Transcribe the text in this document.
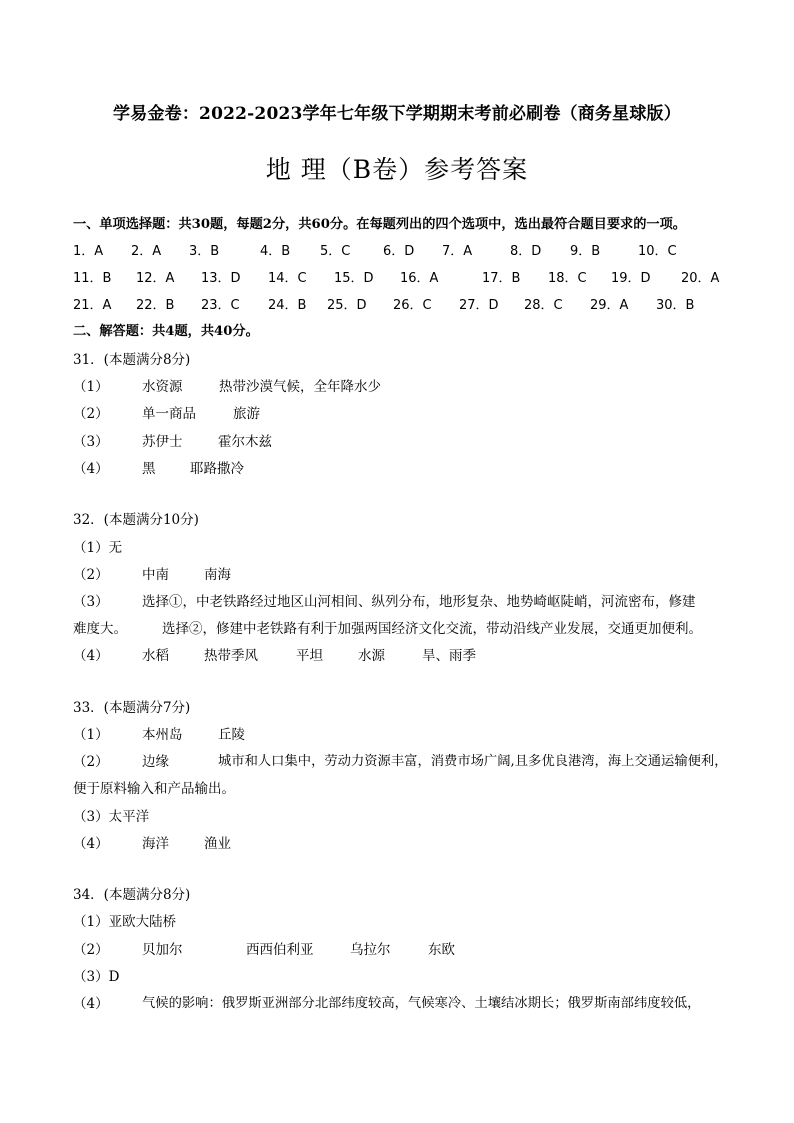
学易金卷：2022-2023学年七年级下学期期末考前必刷卷（商务星球版）
地 理（B卷）参考答案
一、单项选择题：共30题，每题2分，共60分。在每题列出的四个选项中，选出最符合题目要求的一项。
1．A 2．A 3．B	4．B 5．C	6．D 7．A	8．D 9．B	10．C
11．B 12．A 13．D 14．C 15．D 16．A	17．B 18．C 19．D 20．A
21．A 22．B 23．C 24．B 25．D 26．C 27．D 28．C 29．A 30．B
二、解答题：共4题，共40分。
31．(本题满分8分)
（1） 水资源	热带沙漠气候，全年降水少
（2） 单一商品	旅游
（3） 苏伊士	霍尔木兹
（4） 黑	耶路撒冷
32．(本题满分10分)
（1）无
（2） 中南	南海
（3） 选择①，中老铁路经过地区山河相间、纵列分布，地形复杂、地势崎岖陡峭，河流密布，修建
难度大。	选择②，修建中老铁路有利于加强两国经济文化交流，带动沿线产业发展，交通更加便利。
（4） 水稻	热带季风	平坦	水源	旱、雨季
33．(本题满分7分)
（1） 本州岛	丘陵
（2） 边缘	城市和人口集中，劳动力资源丰富，消费市场广阔,且多优良港湾，海上交通运输便利，
便于原料输入和产品输出。
（3）太平洋
（4） 海洋	渔业
34．(本题满分8分)
（1）亚欧大陆桥
（2） 贝加尔	西西伯利亚	乌拉尔	东欧
（3）D
（4）	气候的影响：俄罗斯亚洲部分北部纬度较高，气候寒冷、土壤结冰期长；俄罗斯南部纬度较低，
